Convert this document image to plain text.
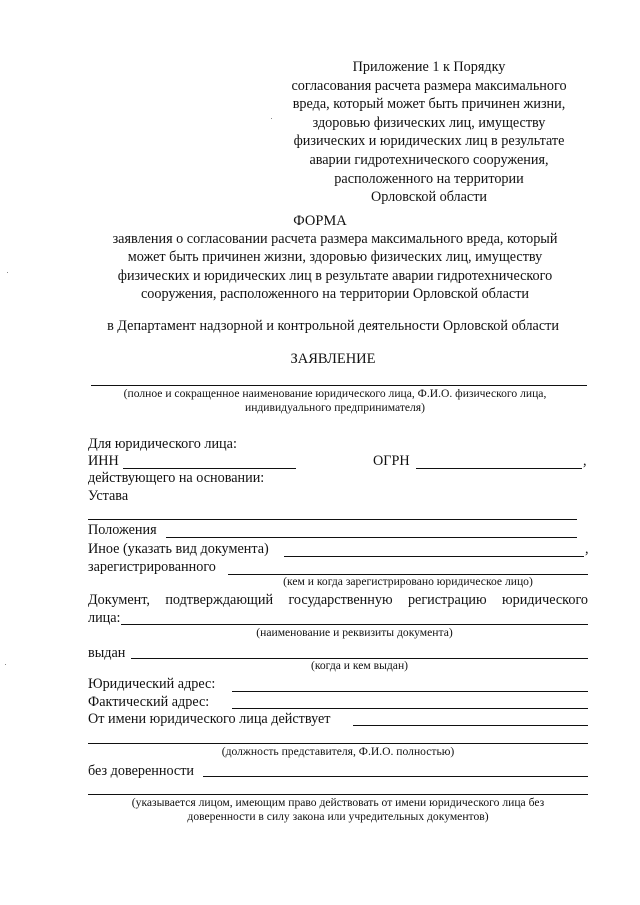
Приложение 1 к Порядку
согласования расчета размера максимального
вреда, который может быть причинен жизни,
здоровью физических лиц, имуществу
физических и юридических лиц в результате
аварии гидротехнического сооружения,
расположенного на территории
Орловской области
ФОРМА
заявления о согласовании расчета размера максимального вреда, который
может быть причинен жизни, здоровью физических лиц, имуществу
физических и юридических лиц в результате аварии гидротехнического
сооружения, расположенного на территории Орловской области
в Департамент надзорной и контрольной деятельности Орловской области
ЗАЯВЛЕНИЕ
(полное и сокращенное наименование юридического лица, Ф.И.О. физического лица,
индивидуального предпринимателя)
Для юридического лица:
ИНН	ОГРН	,
действующего на основании:
Устава
Положения
Иное (указать вид документа)	,
зарегистрированного
(кем и когда зарегистрировано юридическое лицо)
Документ, подтверждающий государственную регистрацию юридического
лица:
(наименование и реквизиты документа)
выдан
(когда и кем выдан)
Юридический адрес:
Фактический адрес:
От имени юридического лица действует
(должность представителя, Ф.И.О. полностью)
без доверенности
(указывается лицом, имеющим право действовать от имени юридического лица без
доверенности в силу закона или учредительных документов)
